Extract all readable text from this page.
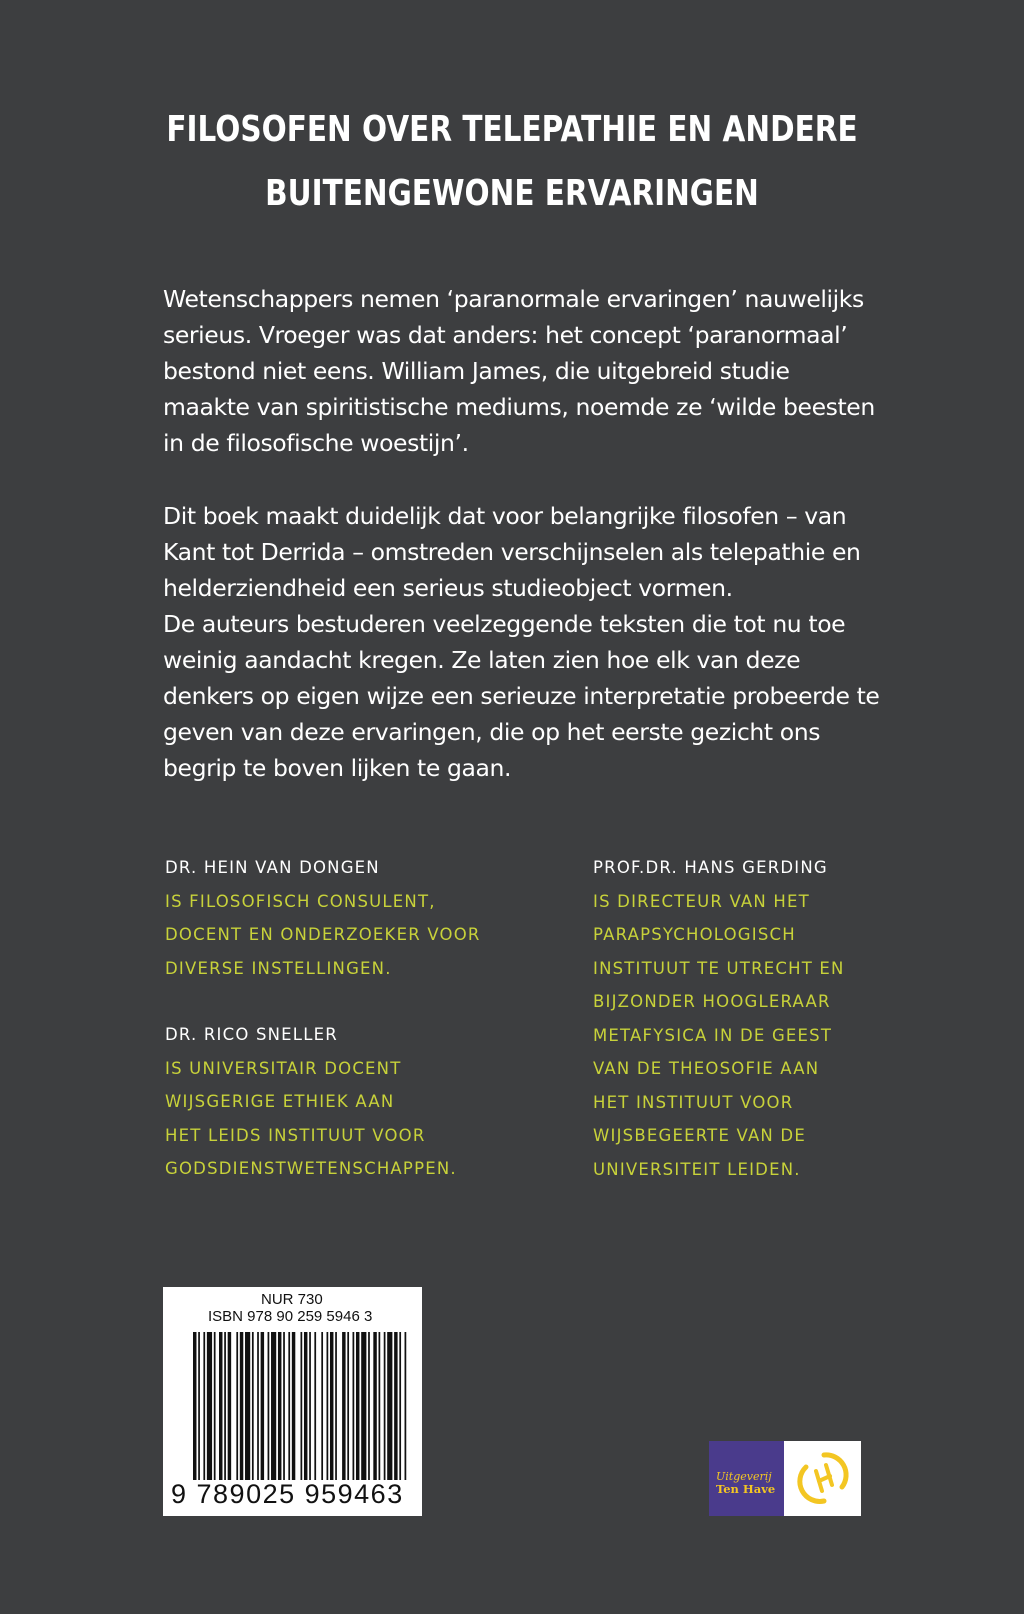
FILOSOFEN OVER TELEPATHIE EN ANDERE
BUITENGEWONE ERVARINGEN

Wetenschappers nemen ‘paranormale ervaringen’ nauwelijks serieus. Vroeger was dat anders: het concept ‘paranormaal’ bestond niet eens. William James, die uitgebreid studie maakte van spiritistische mediums, noemde ze ‘wilde beesten in de filosofische woestijn’.

Dit boek maakt duidelijk dat voor belangrijke filosofen – van Kant tot Derrida – omstreden verschijnselen als telepathie en helderziendheid een serieus studieobject vormen.
De auteurs bestuderen veelzeggende teksten die tot nu toe weinig aandacht kregen. Ze laten zien hoe elk van deze denkers op eigen wijze een serieuze interpretatie probeerde te geven van deze ervaringen, die op het eerste gezicht ons begrip te boven lijken te gaan.
DR. HEIN VAN DONGEN
IS FILOSOFISCH CONSULENT,
DOCENT EN ONDERZOEKER VOOR
DIVERSE INSTELLINGEN.
DR. RICO SNELLER
IS UNIVERSITAIR DOCENT
WIJSGERIGE ETHIEK AAN
HET LEIDS INSTITUUT VOOR
GODSDIENSTWETENSCHAPPEN.
PROF.DR. HANS GERDING
IS DIRECTEUR VAN HET
PARAPSYCHOLOGISCH
INSTITUUT TE UTRECHT EN
BIJZONDER HOOGLERAAR
METAFYSICA IN DE GEEST
VAN DE THEOSOFIE AAN
HET INSTITUUT VOOR
WIJSBEGEERTE VAN DE
UNIVERSITEIT LEIDEN.
NUR 730
ISBN 978 90 259 5946 3
9 789025 959463
Uitgeverij
Ten Have
